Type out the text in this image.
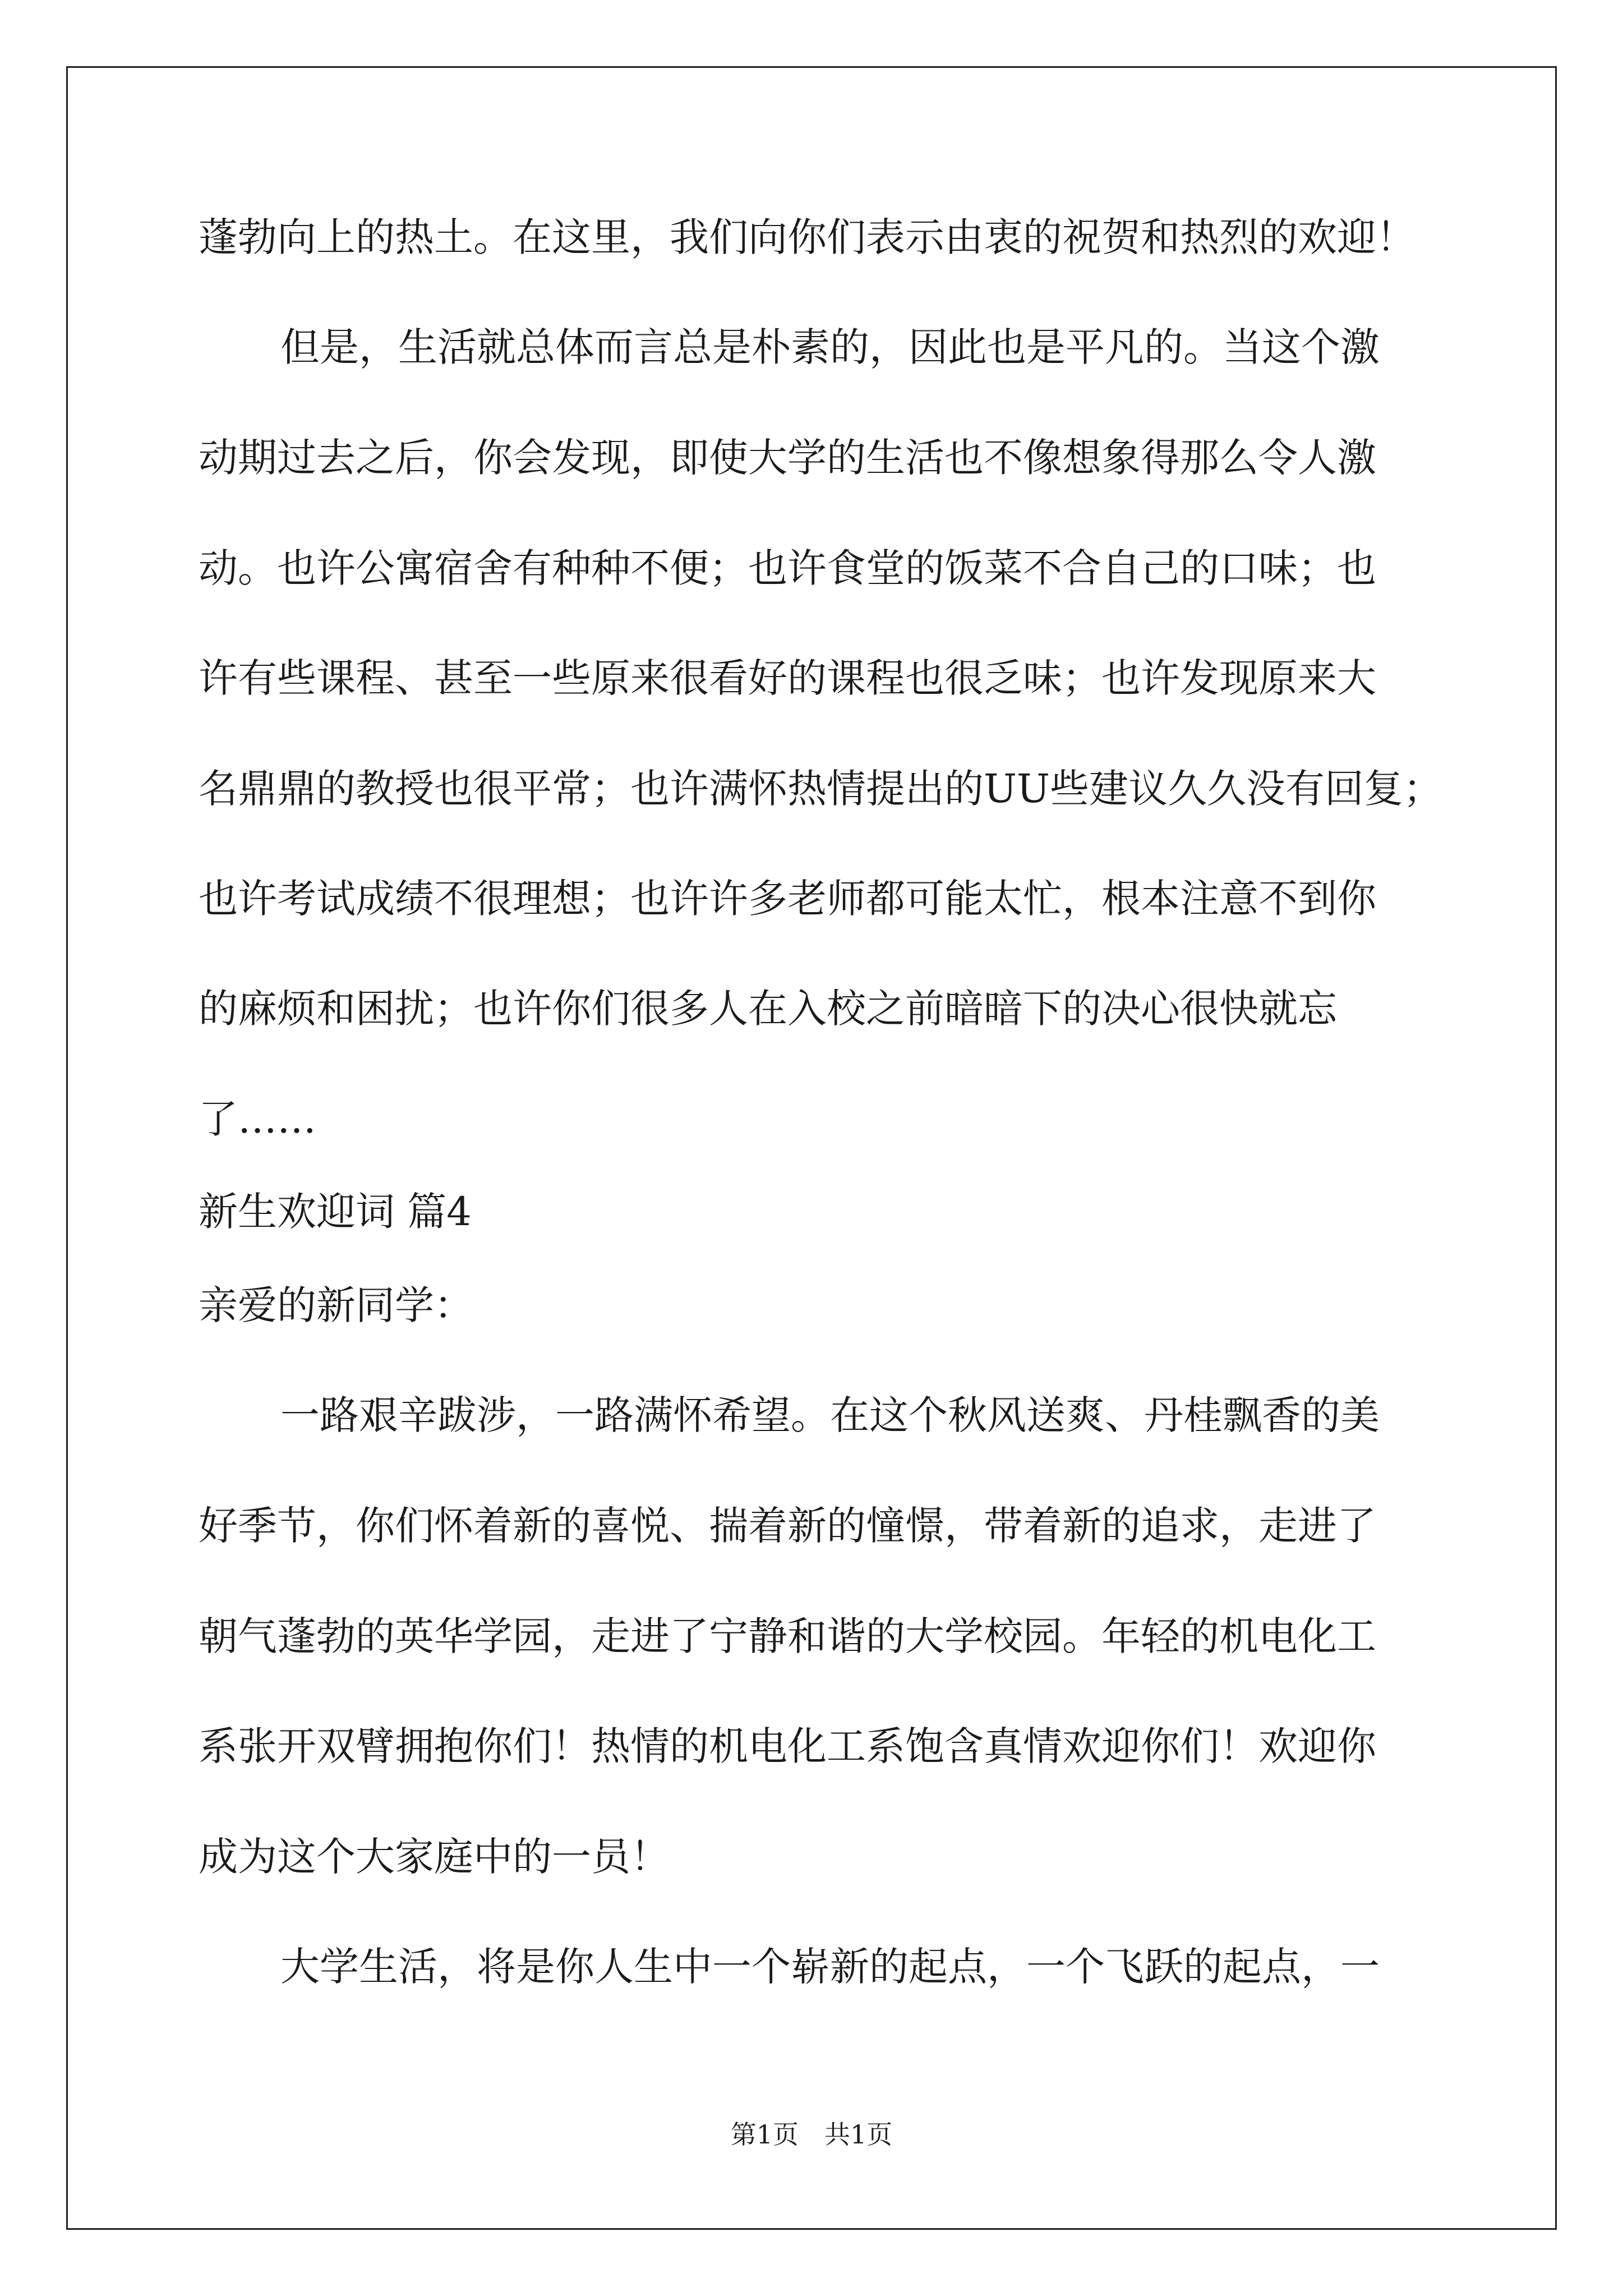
蓬勃向上的热土。在这里，我们向你们表示由衷的祝贺和热烈的欢迎！
但是，生活就总体而言总是朴素的，因此也是平凡的。当这个激
动期过去之后，你会发现，即使大学的生活也不像想象得那么令人激
动。也许公寓宿舍有种种不便；也许食堂的饭菜不合自己的口味；也
许有些课程、甚至一些原来很看好的课程也很乏味；也许发现原来大
名鼎鼎的教授也很平常；也许满怀热情提出的UU些建议久久没有回复；
也许考试成绩不很理想；也许许多老师都可能太忙，根本注意不到你
的麻烦和困扰；也许你们很多人在入校之前暗暗下的决心很快就忘
了……
新生欢迎词 篇4
亲爱的新同学：
一路艰辛跋涉，一路满怀希望。在这个秋风送爽、丹桂飘香的美
好季节，你们怀着新的喜悦、揣着新的憧憬，带着新的追求，走进了
朝气蓬勃的英华学园，走进了宁静和谐的大学校园。年轻的机电化工
系张开双臂拥抱你们！热情的机电化工系饱含真情欢迎你们！欢迎你
成为这个大家庭中的一员！
大学生活，将是你人生中一个崭新的起点，一个飞跃的起点，一
第1页　共1页
